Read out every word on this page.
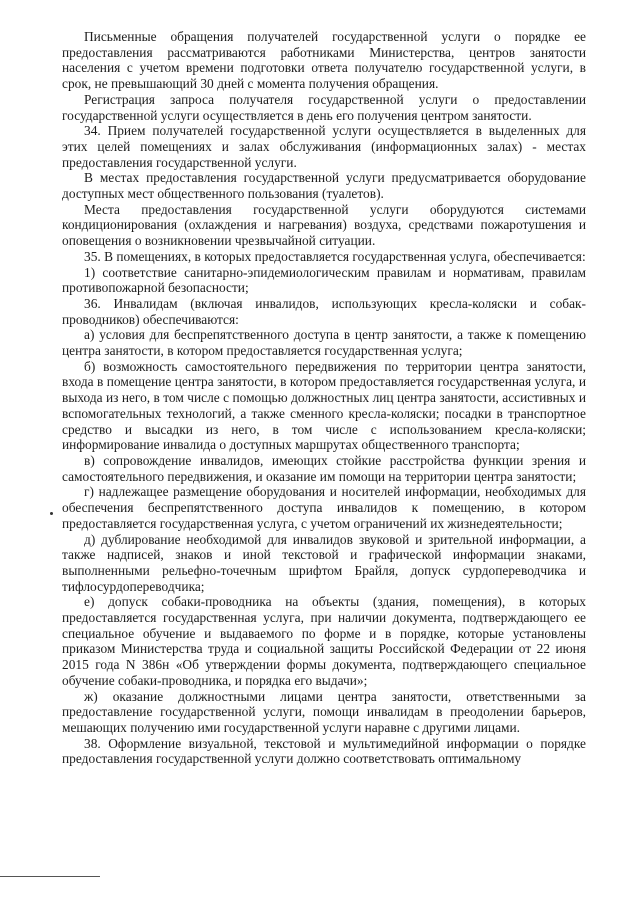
Письменные обращения получателей государственной услуги о порядке ее предоставления рассматриваются работниками Министерства, центров занятости населения с учетом времени подготовки ответа получателю государственной услуги, в срок, не превышающий 30 дней с момента получения обращения.

Регистрация запроса получателя государственной услуги о предоставлении государственной услуги осуществляется в день его получения центром занятости.

34. Прием получателей государственной услуги осуществляется в выделенных для этих целей помещениях и залах обслуживания (информационных залах) - местах предоставления государственной услуги.

В местах предоставления государственной услуги предусматривается оборудование доступных мест общественного пользования (туалетов).

Места предоставления государственной услуги оборудуются системами кондиционирования (охлаждения и нагревания) воздуха, средствами пожаротушения и оповещения о возникновении чрезвычайной ситуации.

35. В помещениях, в которых предоставляется государственная услуга, обеспечивается:

1) соответствие санитарно-эпидемиологическим правилам и нормативам, правилам противопожарной безопасности;

36. Инвалидам (включая инвалидов, использующих кресла-коляски и собак-проводников) обеспечиваются:

а) условия для беспрепятственного доступа в центр занятости, а также к помещению центра занятости, в котором предоставляется государственная услуга;

б) возможность самостоятельного передвижения по территории центра занятости, входа в помещение центра занятости, в котором предоставляется государственная услуга, и выхода из него, в том числе с помощью должностных лиц центра занятости, ассистивных и вспомогательных технологий, а также сменного кресла-коляски; посадки в транспортное средство и высадки из него, в том числе с использованием кресла-коляски; информирование инвалида о доступных маршрутах общественного транспорта;

в) сопровождение инвалидов, имеющих стойкие расстройства функции зрения и самостоятельного передвижения, и оказание им помощи на территории центра занятости;

г) надлежащее размещение оборудования и носителей информации, необходимых для обеспечения беспрепятственного доступа инвалидов к помещению, в котором предоставляется государственная услуга, с учетом ограничений их жизнедеятельности;

д) дублирование необходимой для инвалидов звуковой и зрительной информации, а также надписей, знаков и иной текстовой и графической информации знаками, выполненными рельефно-точечным шрифтом Брайля, допуск сурдопереводчика и тифлосурдопереводчика;

е) допуск собаки-проводника на объекты (здания, помещения), в которых предоставляется государственная услуга, при наличии документа, подтверждающего ее специальное обучение и выдаваемого по форме и в порядке, которые установлены приказом Министерства труда и социальной защиты Российской Федерации от 22 июня 2015 года N 386н «Об утверждении формы документа, подтверждающего специальное обучение собаки-проводника, и порядка его выдачи»;

ж) оказание должностными лицами центра занятости, ответственными за предоставление государственной услуги, помощи инвалидам в преодолении барьеров, мешающих получению ими государственной услуги наравне с другими лицами.

38. Оформление визуальной, текстовой и мультимедийной информации о порядке предоставления государственной услуги должно соответствовать оптимальному
